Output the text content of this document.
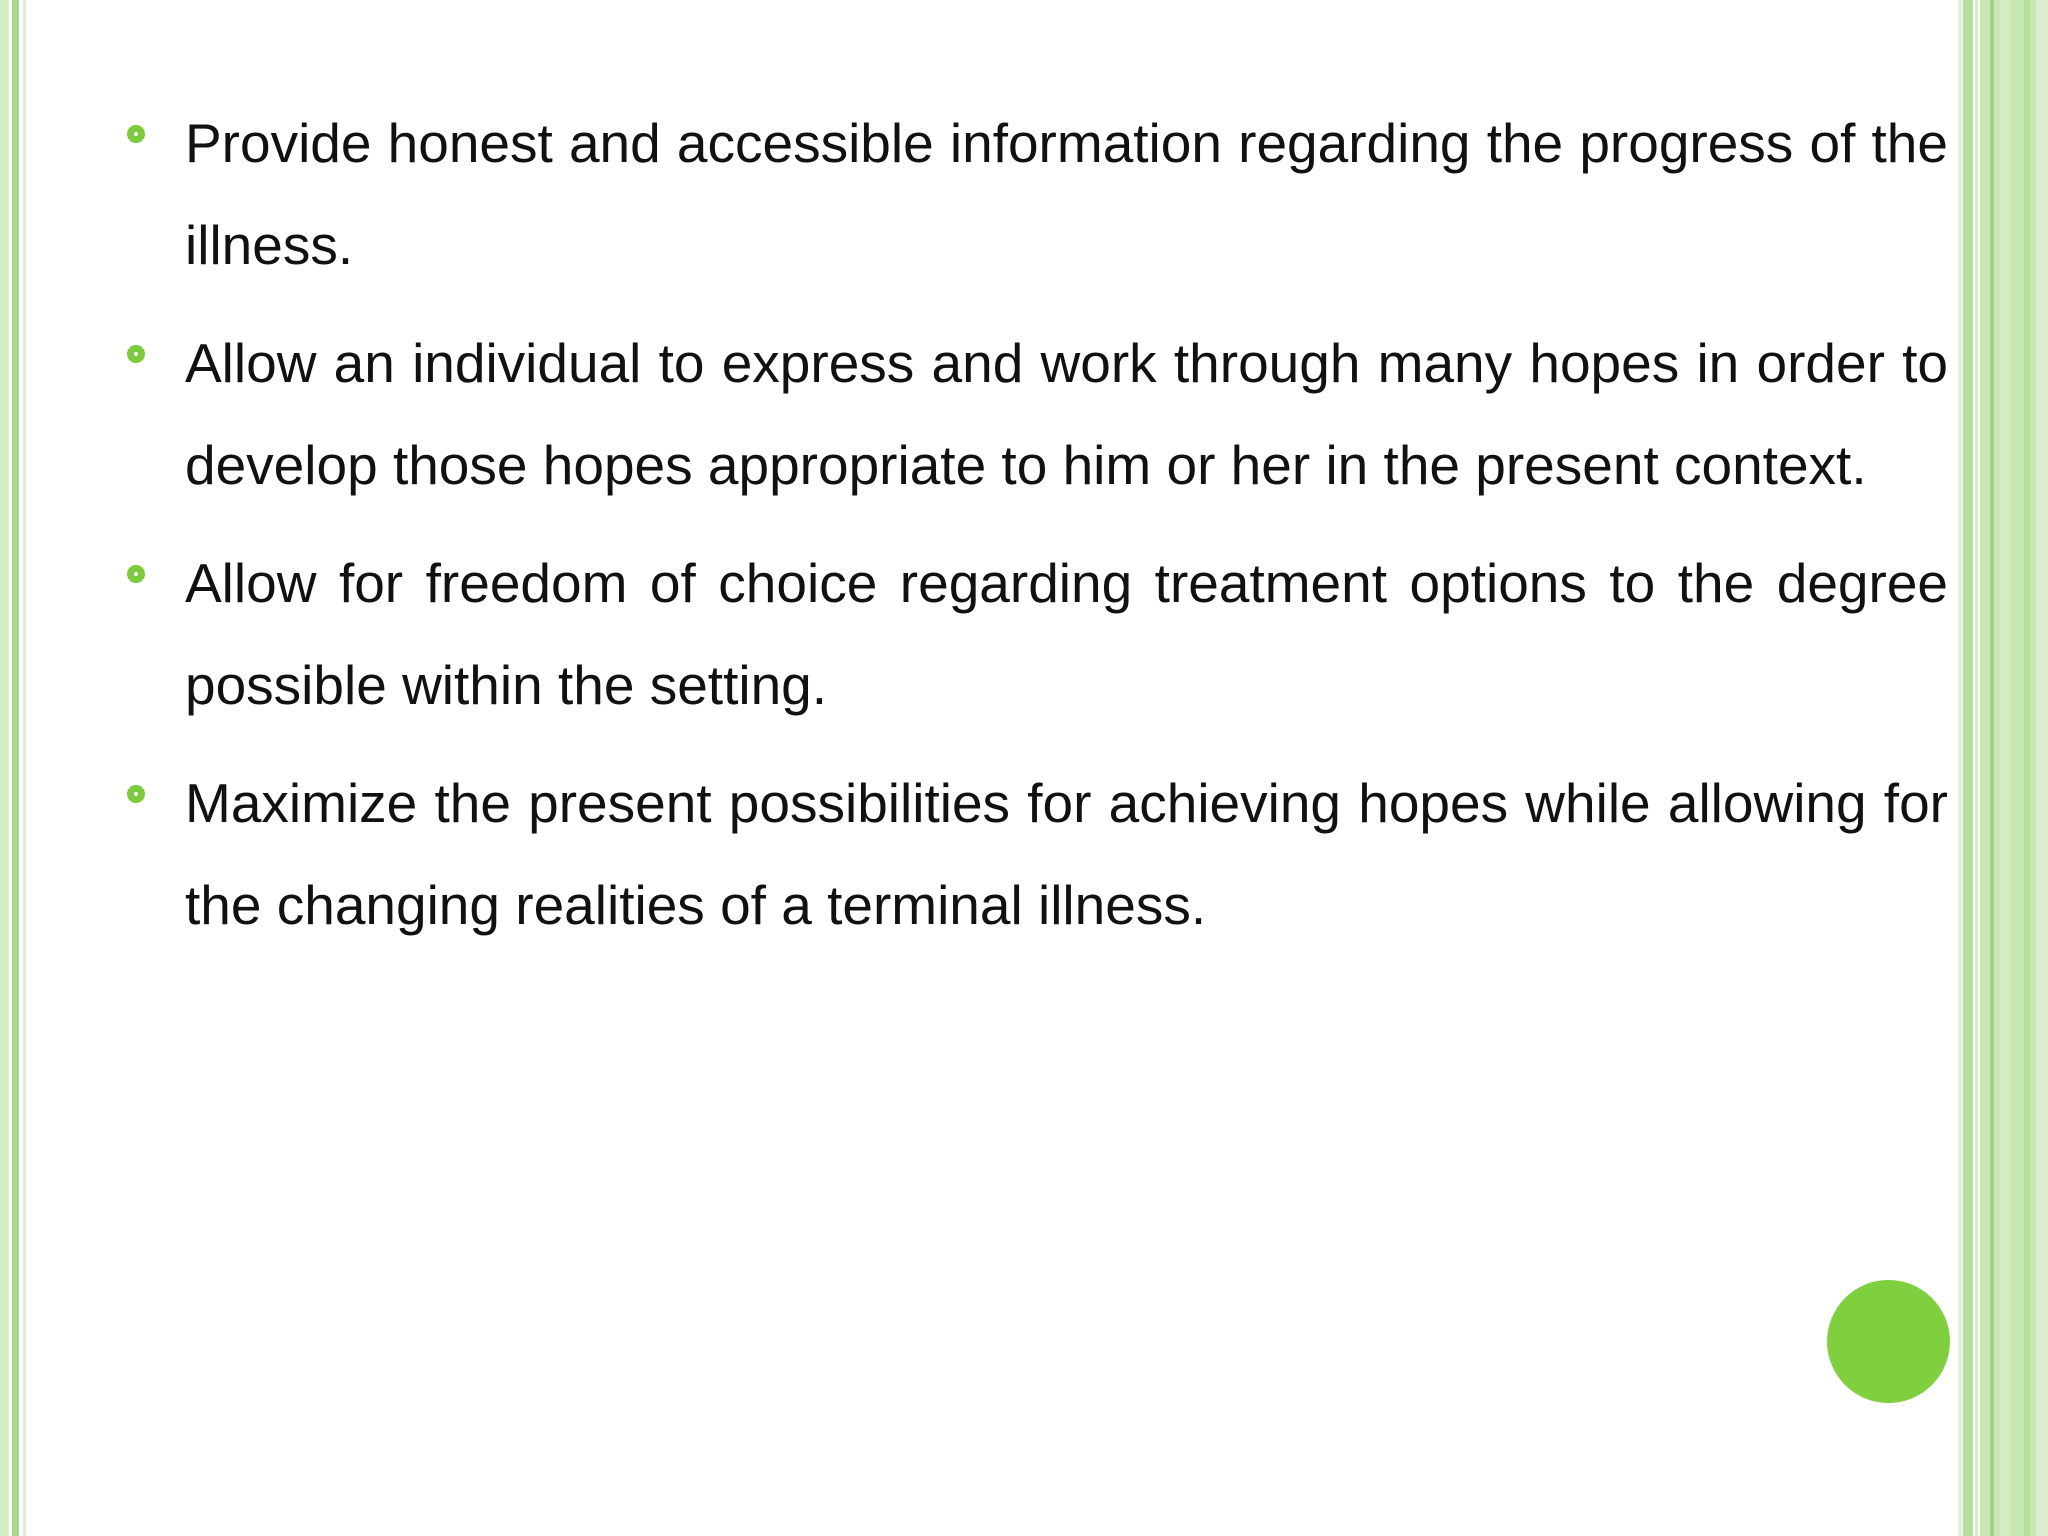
Provide honest and accessible information regarding the progress of the illness.

Allow an individual to express and work through many hopes in order to develop those hopes appropriate to him or her in the present context.

Allow for freedom of choice regarding treatment options to the degree possible within the setting.

Maximize the present possibilities for achieving hopes while allowing for the changing realities of a terminal illness.
